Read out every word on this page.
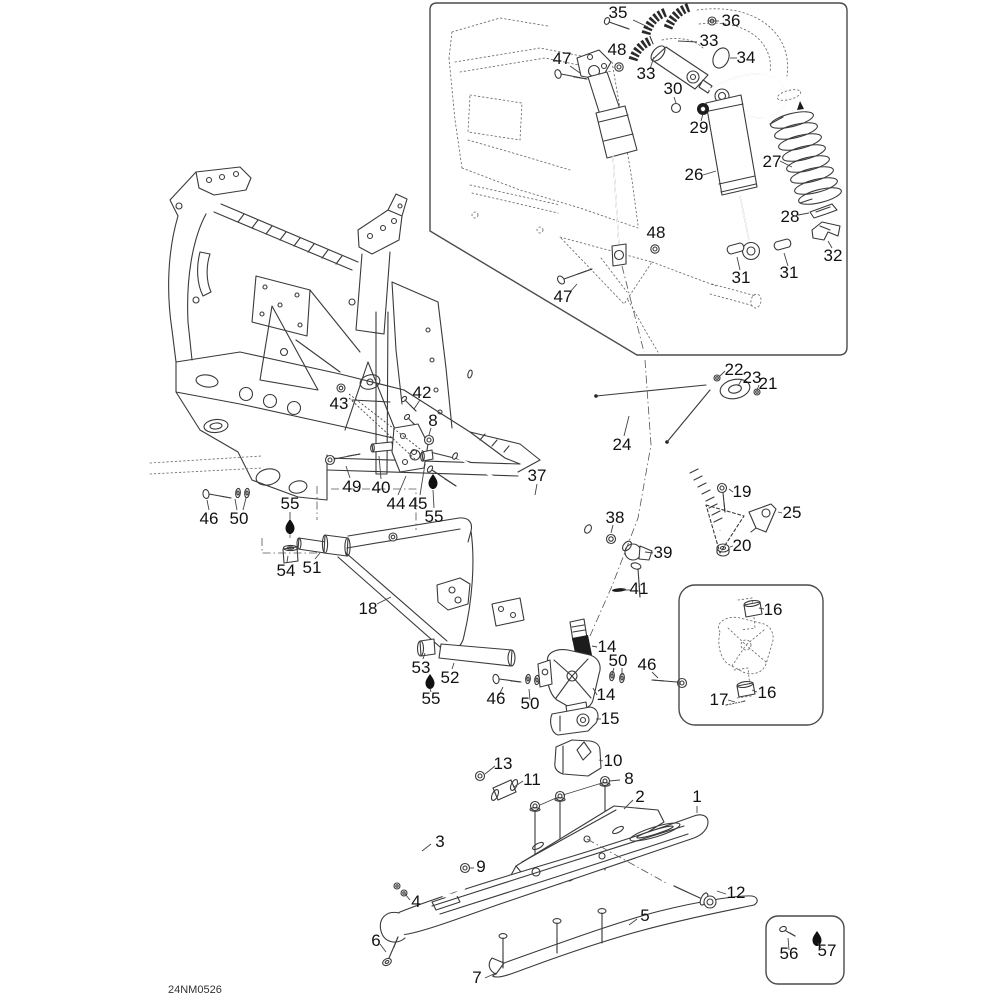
35	36
33
34
33
48
47
30
29
26
27
28
31 31
32
48
47
43
42
8
49 40
44 45
55
24
22 23
21
37
38
39
41
19
20
25
46 50
55
54 51
18
53
52
55
16
16
17
14
50 46
14
15
46 50
10
13
11	8
2	1
9
3
4	12
6
7
5
56 57
24NM0526
